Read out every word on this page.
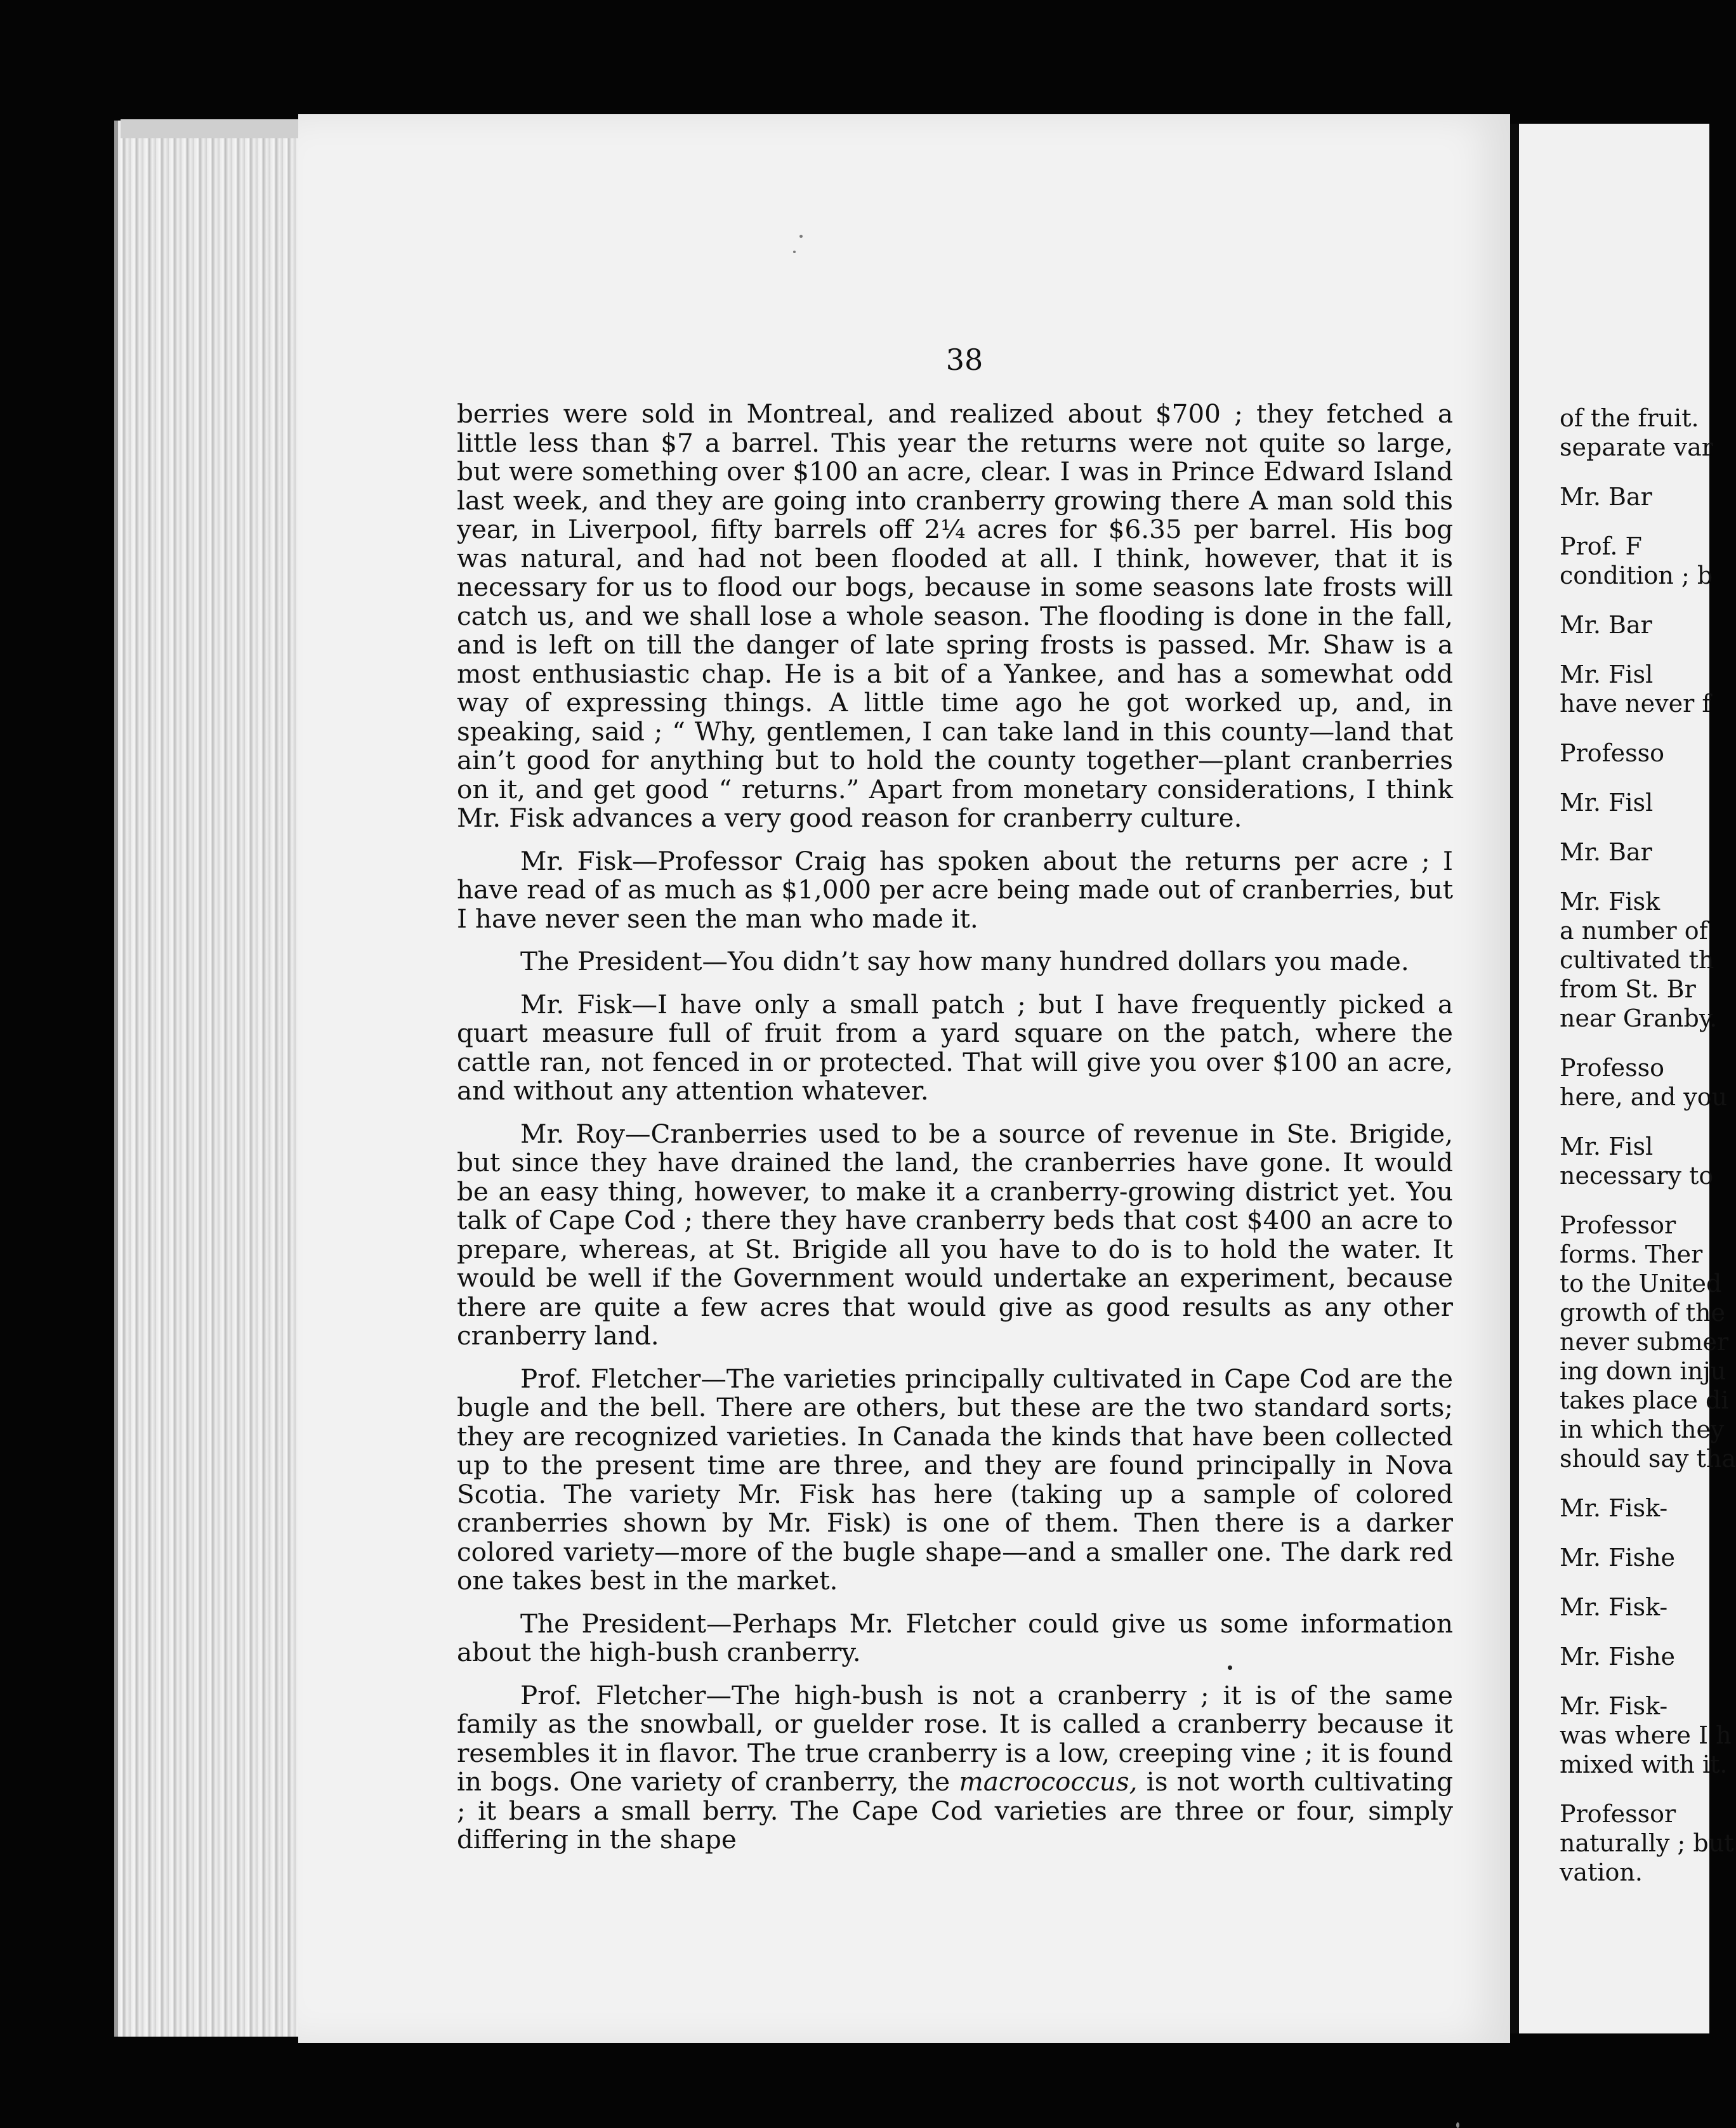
38

berries were sold in Montreal, and realized about $700 ; they fetched a little less than $7 a barrel. This year the returns were not quite so large, but were something over $100 an acre, clear. I was in Prince Edward Island last week, and they are going into cranberry growing there A man sold this year, in Liverpool, fifty barrels off 2¼ acres for $6.35 per barrel. His bog was natural, and had not been flooded at all. I think, however, that it is necessary for us to flood our bogs, because in some seasons late frosts will catch us, and we shall lose a whole season. The flooding is done in the fall, and is left on till the danger of late spring frosts is passed. Mr. Shaw is a most enthusiastic chap. He is a bit of a Yankee, and has a somewhat odd way of expressing things. A little time ago he got worked up, and, in speaking, said ; “ Why, gentlemen, I can take land in this county—land that ain’t good for anything but to hold the county together—plant cranberries on it, and get good “ returns.” Apart from monetary considerations, I think Mr. Fisk advances a very good reason for cranberry culture.

Mr. Fisk—Professor Craig has spoken about the returns per acre ; I have read of as much as $1,000 per acre being made out of cranberries, but I have never seen the man who made it.

The President—You didn’t say how many hundred dollars you made.

Mr. Fisk—I have only a small patch ; but I have frequently picked a quart measure full of fruit from a yard square on the patch, where the cattle ran, not fenced in or protected. That will give you over $100 an acre, and without any attention whatever.

Mr. Roy—Cranberries used to be a source of revenue in Ste. Brigide, but since they have drained the land, the cranberries have gone. It would be an easy thing, however, to make it a cranberry-growing district yet. You talk of Cape Cod ; there they have cranberry beds that cost $400 an acre to prepare, whereas, at St. Brigide all you have to do is to hold the water. It would be well if the Government would undertake an experiment, because there are quite a few acres that would give as good results as any other cranberry land.

Prof. Fletcher—The varieties principally cultivated in Cape Cod are the bugle and the bell. There are others, but these are the two standard sorts; they are recognized varieties. In Canada the kinds that have been collected up to the present time are three, and they are found principally in Nova Scotia. The variety Mr. Fisk has here (taking up a sample of colored cranberries shown by Mr. Fisk) is one of them. Then there is a darker colored variety—more of the bugle shape—and a smaller one. The dark red one takes best in the market.

The President—Perhaps Mr. Fletcher could give us some information about the high-bush cranberry.

Prof. Fletcher—The high-bush is not a cranberry ; it is of the same family as the snowball, or guelder rose. It is called a cranberry because it resembles it in flavor. The true cranberry is a low, creeping vine ; it is found in bogs. One variety of cranberry, the macrococcus, is not worth cultivating ; it bears a small berry. The Cape Cod varieties are three or four, simply differing in the shape

of the fruit.
separate var
Mr. Bar
Prof. F
condition ; b
Mr. Bar
Mr. Fisl
have never f
Professo
Mr. Fisl
Mr. Bar
Mr. Fisk
a number of
cultivated th
from St. Br
near Granby.
Professo
here, and you
Mr. Fisl
necessary to
Professor
forms. Ther
to the United
growth of the
never submer
ing down inju
takes place di
in which they
should say tha
Mr. Fisk-
Mr. Fishe
Mr. Fisk-
Mr. Fishe
Mr. Fisk-
was where I h
mixed with it.
Professor
naturally ; but
vation.
